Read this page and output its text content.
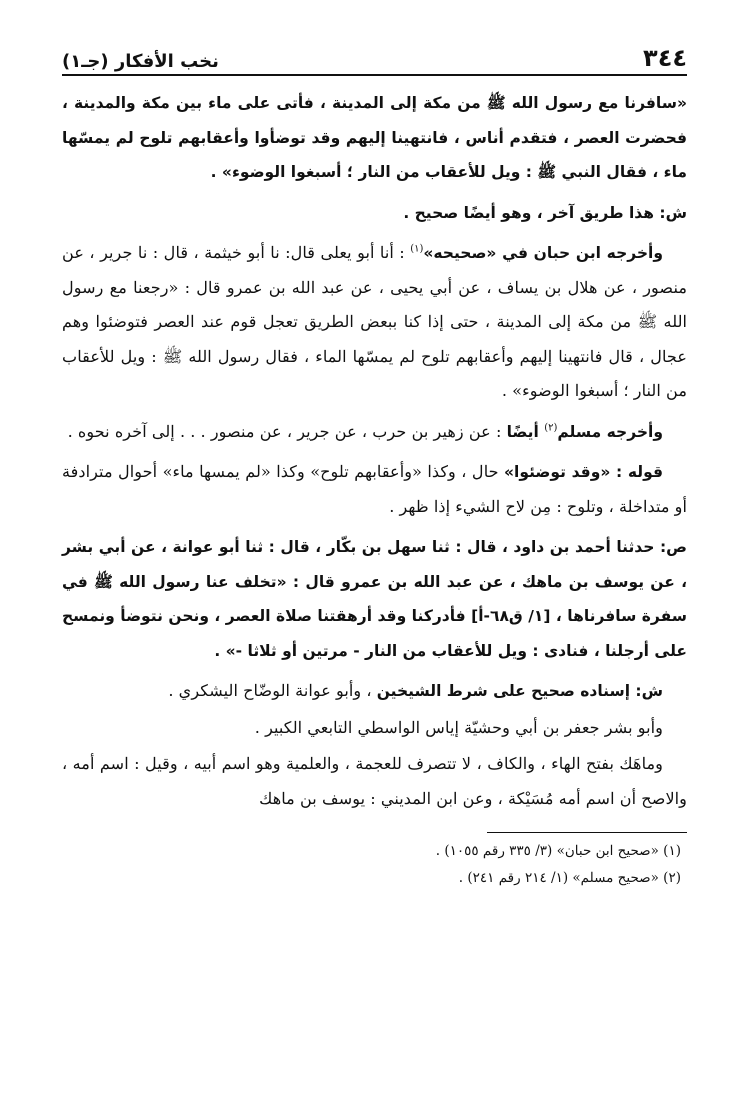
٣٤٤
نخب الأفكار (جـ١)

«سافرنا مع رسول الله ﷺ من مكة إلى المدينة ، فأتى على ماء بين مكة والمدينة ، فحضرت العصر ، فتقدم أناس ، فانتهينا إليهم وقد توضأوا وأعقابهم تلوح لم يمسّها ماء ، فقال النبي ﷺ : ويل للأعقاب من النار ؛ أسبغوا الوضوء» .

ش: هذا طريق آخر ، وهو أيضًا صحيح .

وأخرجه ابن حبان في «صحيحه»$^{(١)}$ : أنا أبو يعلى قال: نا أبو خيثمة ، قال : نا جرير ، عن منصور ، عن هلال بن يساف ، عن أبي يحيى ، عن عبد الله بن عمرو قال : «رجعنا مع رسول الله ﷺ من مكة إلى المدينة ، حتى إذا كنا ببعض الطريق تعجل قوم عند العصر فتوضئوا وهم عجال ، قال فانتهينا إليهم وأعقابهم تلوح لم يمسّها الماء ، فقال رسول الله ﷺ : ويل للأعقاب من النار ؛ أسبغوا الوضوء» .

وأخرجه مسلم$^{(٢)}$ أيضًا : عن زهير بن حرب ، عن جرير ، عن منصور . . . إلى آخره نحوه .

قوله : «وقد توضئوا» حال ، وكذا «وأعقابهم تلوح» وكذا «لم يمسها ماء» أحوال مترادفة أو متداخلة ، وتلوح : مِن لاح الشيء إذا ظهر .

ص: حدثنا أحمد بن داود ، قال : ثنا سهل بن بكّار ، قال : ثنا أبو عوانة ، عن أبي بشر ، عن يوسف بن ماهك ، عن عبد الله بن عمرو قال : «تخلف عنا رسول الله ﷺ في سفرة سافرناها ، [١/ ق٦٨-أ] فأدركنا وقد أرهقتنا صلاة العصر ، ونحن نتوضأ ونمسح على أرجلنا ، فنادى : ويل للأعقاب من النار - مرتين أو ثلاثا -» .

ش: إسناده صحيح على شرط الشيخين ، وأبو عوانة الوضّاح اليشكري .

وأبو بشر جعفر بن أبي وحشيّة إياس الواسطي التابعي الكبير .

وماهَك بفتح الهاء ، والكاف ، لا تتصرف للعجمة ، والعلمية وهو اسم أبيه ، وقيل : اسم أمه ، والاصح أن اسم أمه مُسَيْكة ، وعن ابن المديني : يوسف بن ماهك

(١) «صحيح ابن حبان» (٣/ ٣٣٥ رقم ١٠٥٥) .

(٢) «صحيح مسلم» (١/ ٢١٤ رقم ٢٤١) .
